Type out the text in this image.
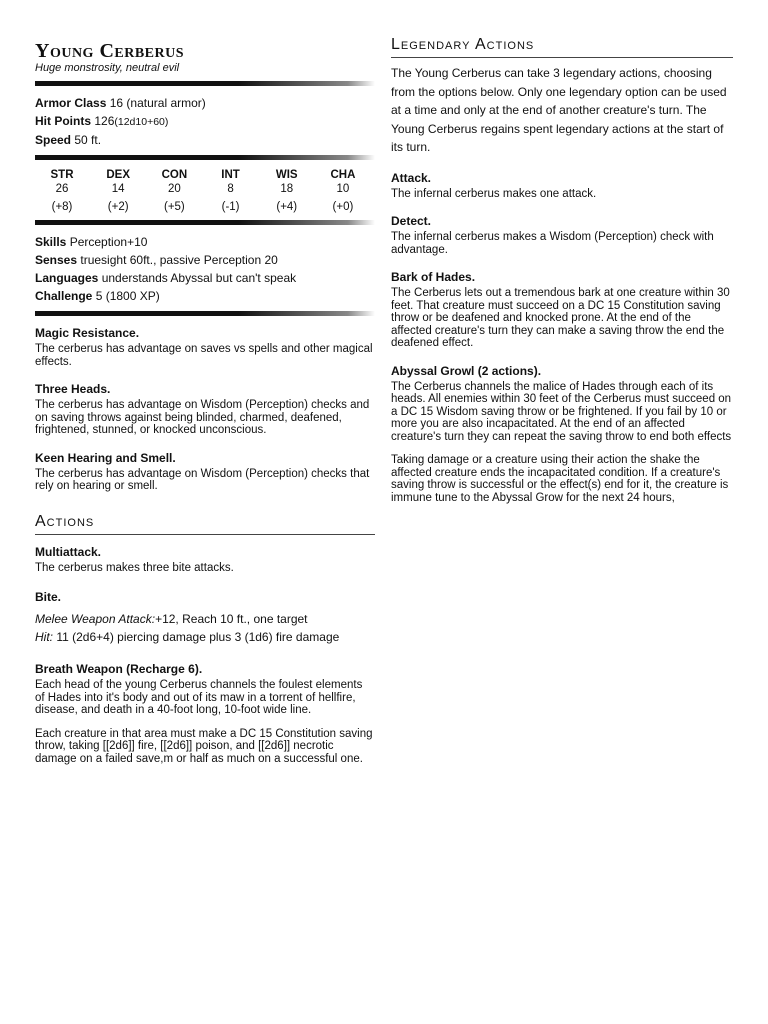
Young Cerberus
Huge monstrosity, neutral evil
Armor Class 16 (natural armor)
Hit Points 126(12d10+60)
Speed 50 ft.
STR
26
(+8)
DEX
14
(+2)
CON
20
(+5)
INT
8
(-1)
WIS
18
(+4)
CHA
10
(+0)
Skills Perception+10
Senses truesight 60ft., passive Perception 20
Languages understands Abyssal but can't speak
Challenge 5 (1800 XP)
Magic Resistance.
The cerberus has advantage on saves vs spells and other magical effects.
Three Heads.
The cerberus has advantage on Wisdom (Perception) checks and on saving throws against being blinded, charmed, deafened, frightened, stunned, or knocked unconscious.
Keen Hearing and Smell.
The cerberus has advantage on Wisdom (Perception) checks that rely on hearing or smell.
Actions
Multiattack.
The cerberus makes three bite attacks.
Bite.
Melee Weapon Attack:+12, Reach 10 ft., one target
Hit: 11 (2d6+4) piercing damage plus 3 (1d6) fire damage
Breath Weapon (Recharge 6).

Each head of the young Cerberus channels the foulest elements of Hades into it's body and out of its maw in a torrent of hellfire, disease, and death in a 40-foot long, 10-foot wide line.

Each creature in that area must make a DC 15 Constitution saving throw, taking [[2d6]] fire, [[2d6]] poison, and [[2d6]] necrotic damage on a failed save,m or half as much on a successful one.

Legendary Actions
The Young Cerberus can take 3 legendary actions, choosing from the options below. Only one legendary option can be used at a time and only at the end of another creature's turn. The Young Cerberus regains spent legendary actions at the start of its turn.
Attack.
The infernal cerberus makes one attack.
Detect.
The infernal cerberus makes a Wisdom (Perception) check with advantage.
Bark of Hades.
The Cerberus lets out a tremendous bark at one creature within 30 feet. That creature must succeed on a DC 15 Constitution saving throw or be deafened and knocked prone. At the end of the affected creature's turn they can make a saving throw the end the deafened effect.
Abyssal Growl (2 actions).

The Cerberus channels the malice of Hades through each of its heads. All enemies within 30 feet of the Cerberus must succeed on a DC 15 Wisdom saving throw or be frightened. If you fail by 10 or more you are also incapacitated. At the end of an affected creature's turn they can repeat the saving throw to end both effects

Taking damage or a creature using their action the shake the affected creature ends the incapacitated condition. If a creature's saving throw is successful or the effect(s) end for it, the creature is immune tune to the Abyssal Grow for the next 24 hours,
